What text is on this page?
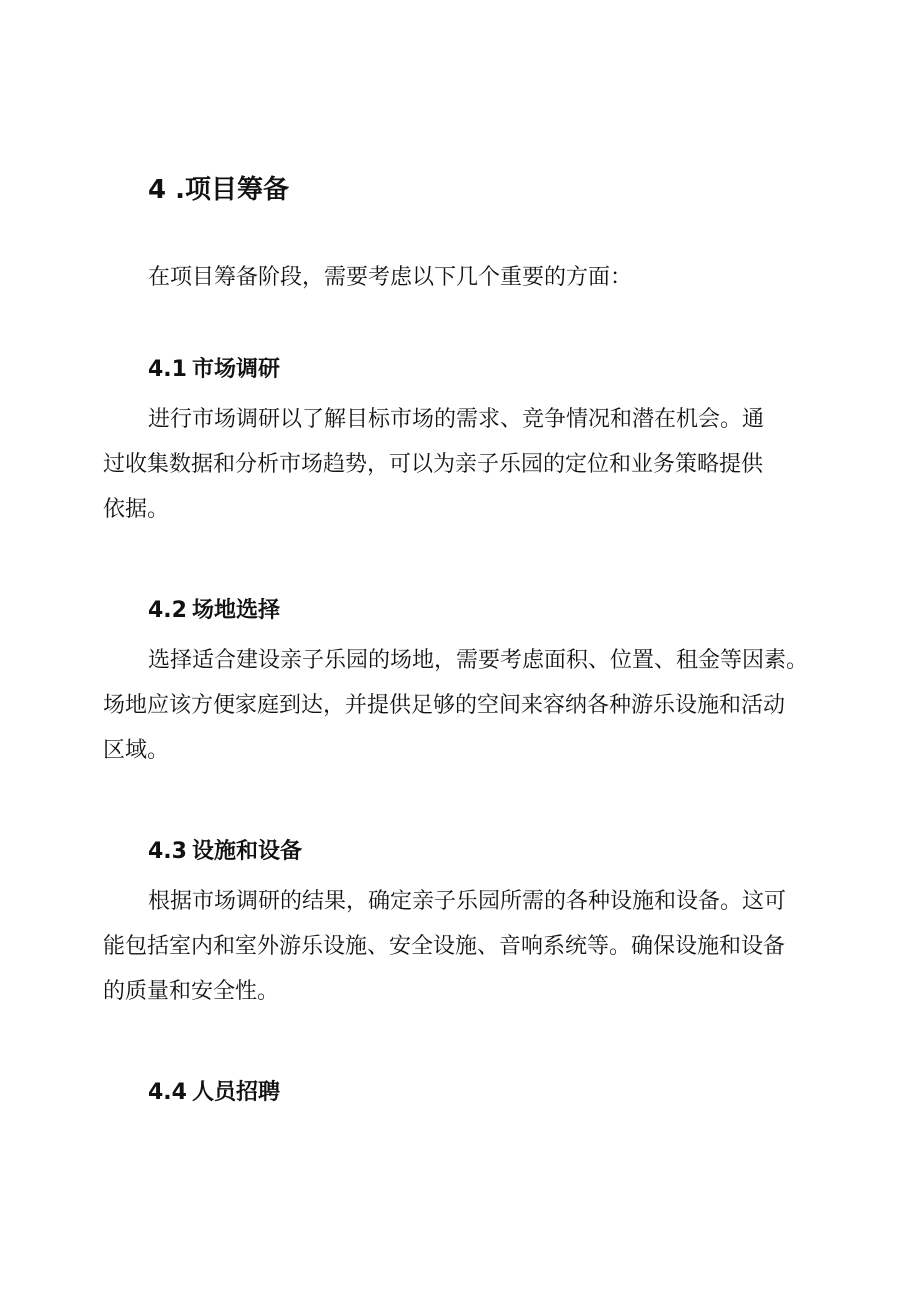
4 .项目筹备
在项目筹备阶段，需要考虑以下几个重要的方面：
4.1 市场调研
进行市场调研以了解目标市场的需求、竞争情况和潜在机会。通
过收集数据和分析市场趋势，可以为亲子乐园的定位和业务策略提供
依据。
4.2 场地选择
选择适合建设亲子乐园的场地，需要考虑面积、位置、租金等因素。
场地应该方便家庭到达，并提供足够的空间来容纳各种游乐设施和活动
区域。
4.3 设施和设备
根据市场调研的结果，确定亲子乐园所需的各种设施和设备。这可
能包括室内和室外游乐设施、安全设施、音响系统等。确保设施和设备
的质量和安全性。
4.4 人员招聘
